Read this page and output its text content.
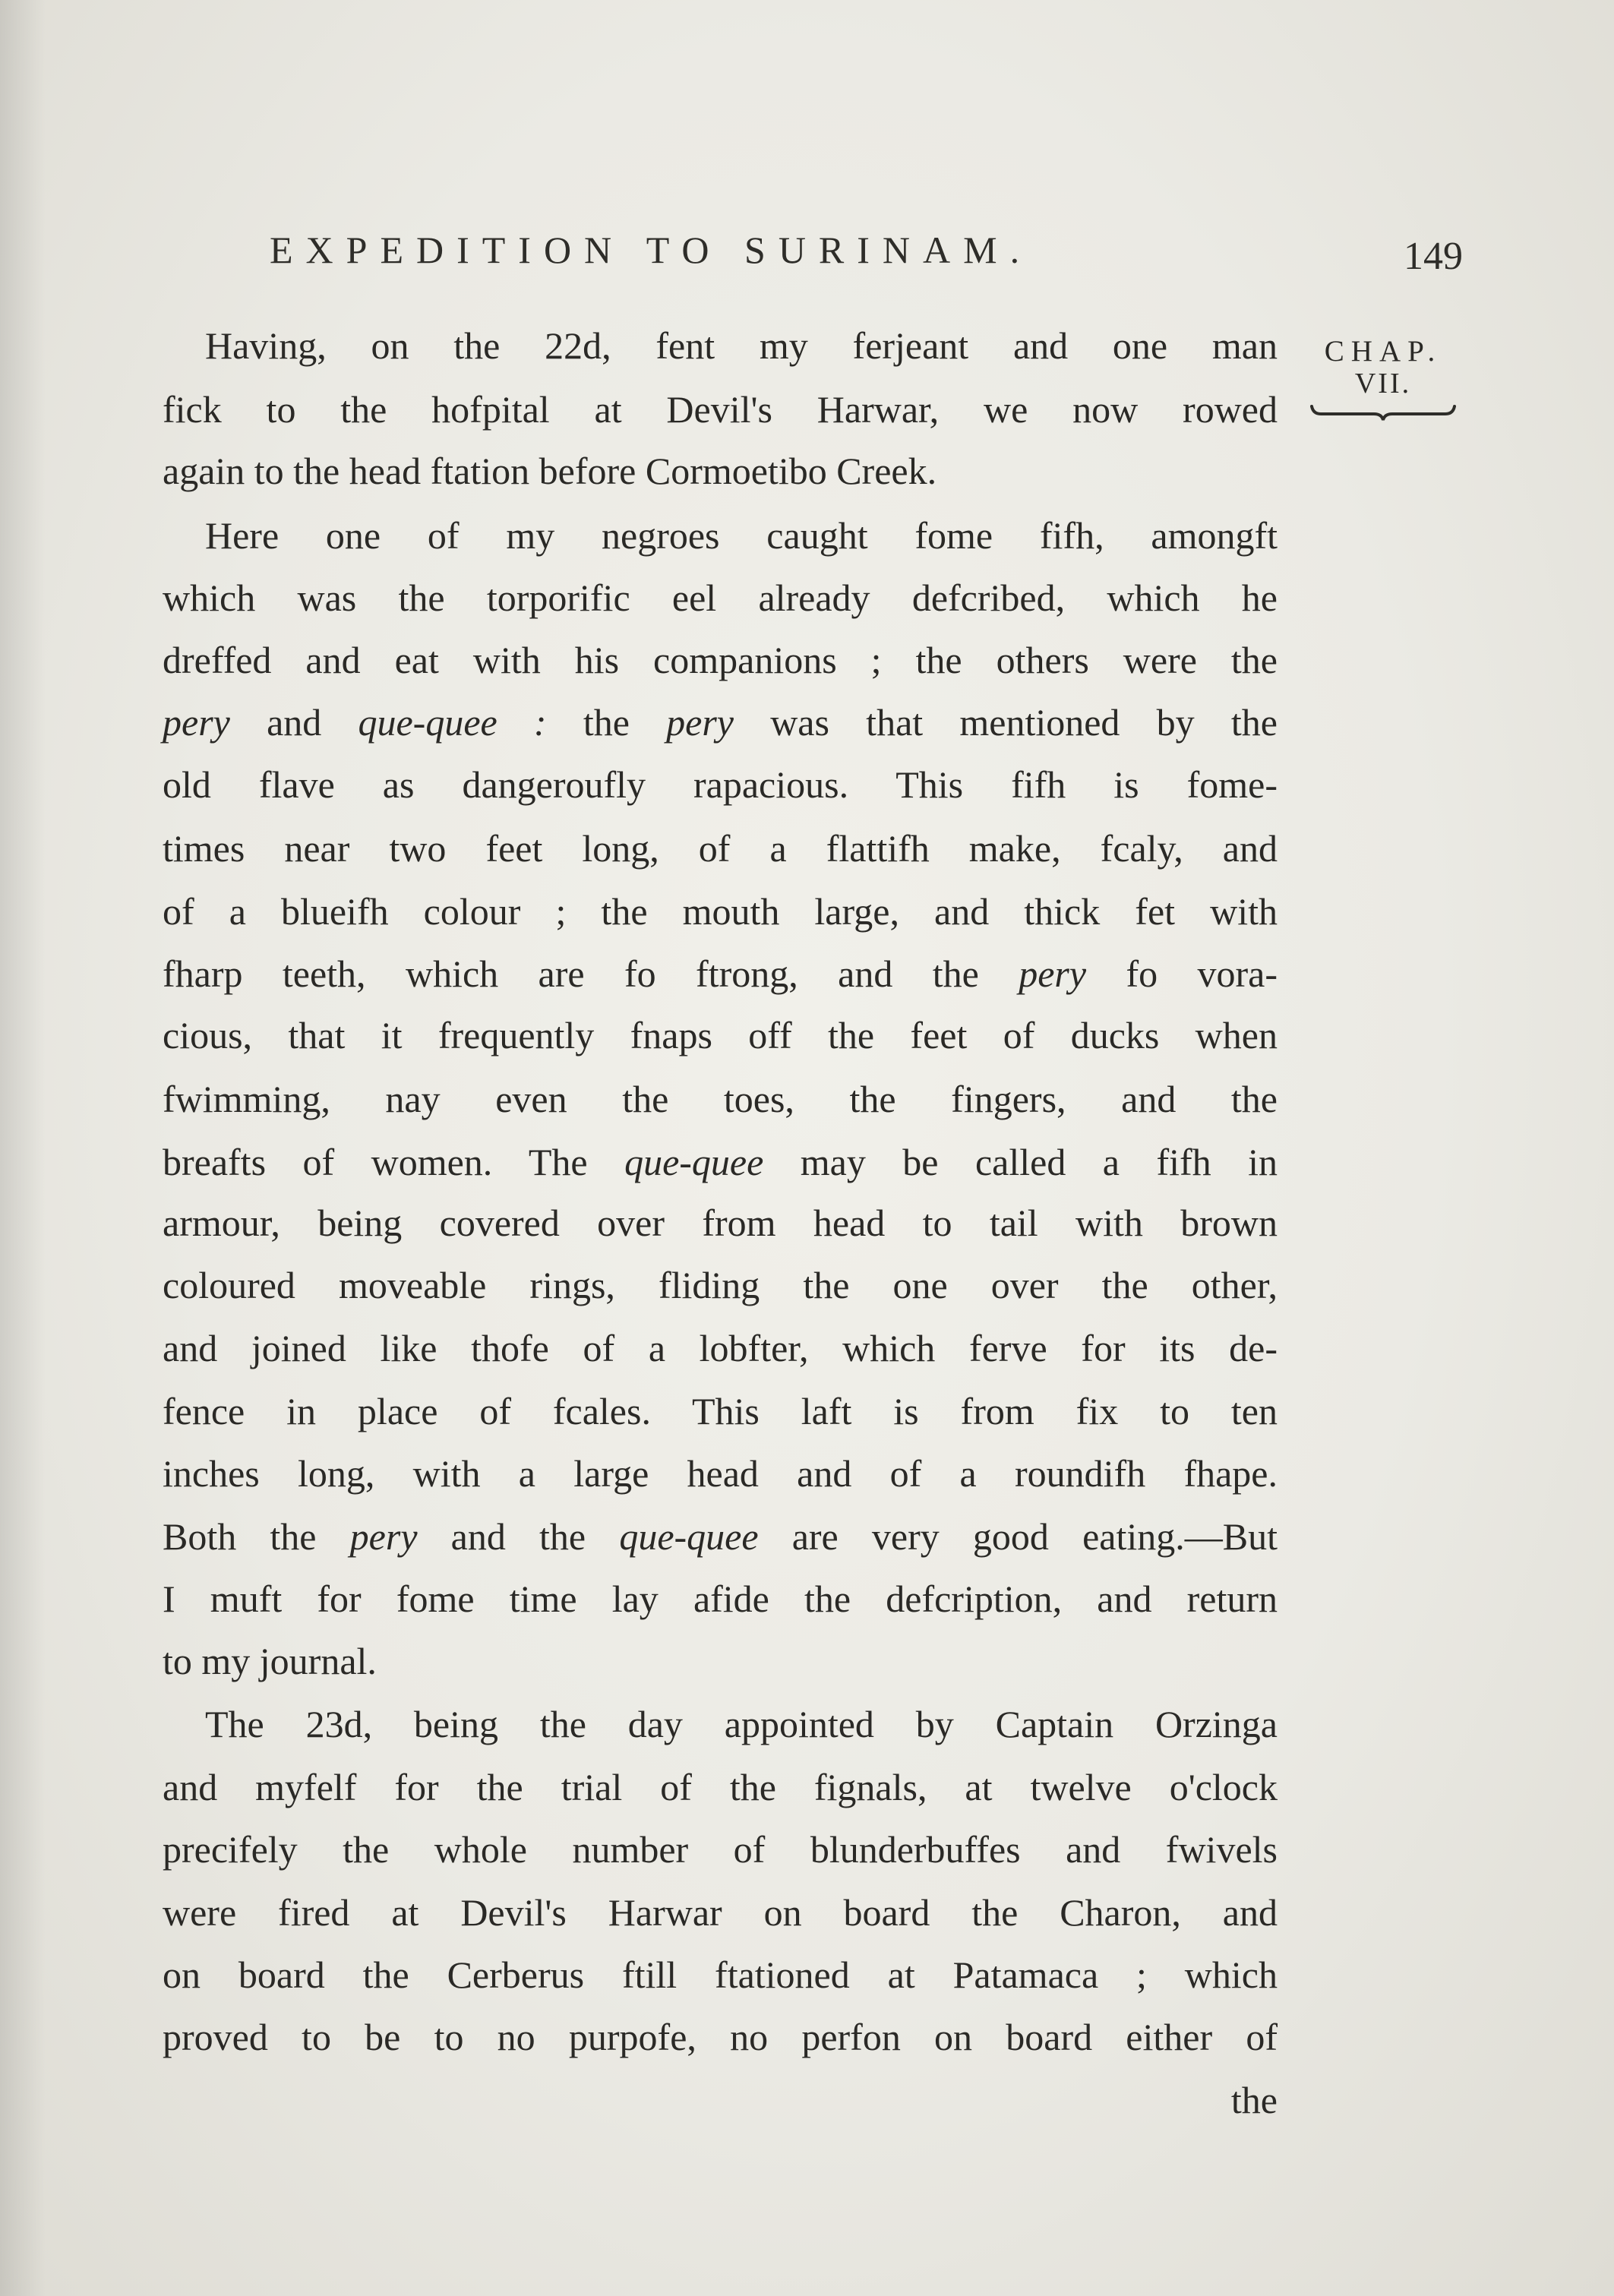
EXPEDITION TO SURINAM.	149
CHAP.
VII.
Having, on the 22d, fent my ferjeant and one man
fick to the hofpital at Devil's Harwar, we now rowed
again to the head ftation before Cormoetibo Creek.
Here one of my negroes caught fome fifh, amongft
which was the torporific eel already defcribed, which he
dreffed and eat with his companions ; the others were the
pery and que-quee : the pery was that mentioned by the
old flave as dangeroufly rapacious. This fifh is fome-
times near two feet long, of a flattifh make, fcaly, and
of a blueifh colour ; the mouth large, and thick fet with
fharp teeth, which are fo ftrong, and the pery fo vora-
cious, that it frequently fnaps off the feet of ducks when
fwimming, nay even the toes, the fingers, and the
breafts of women. The que-quee may be called a fifh in
armour, being covered over from head to tail with brown
coloured moveable rings, fliding the one over the other,
and joined like thofe of a lobfter, which ferve for its de-
fence in place of fcales. This laft is from fix to ten
inches long, with a large head and of a roundifh fhape.
Both the pery and the que-quee are very good eating.—But
I muft for fome time lay afide the defcription, and return
to my journal.
The 23d, being the day appointed by Captain Orzinga
and myfelf for the trial of the fignals, at twelve o'clock
precifely the whole number of blunderbuffes and fwivels
were fired at Devil's Harwar on board the Charon, and
on board the Cerberus ftill ftationed at Patamaca ; which
proved to be to no purpofe, no perfon on board either of
the
